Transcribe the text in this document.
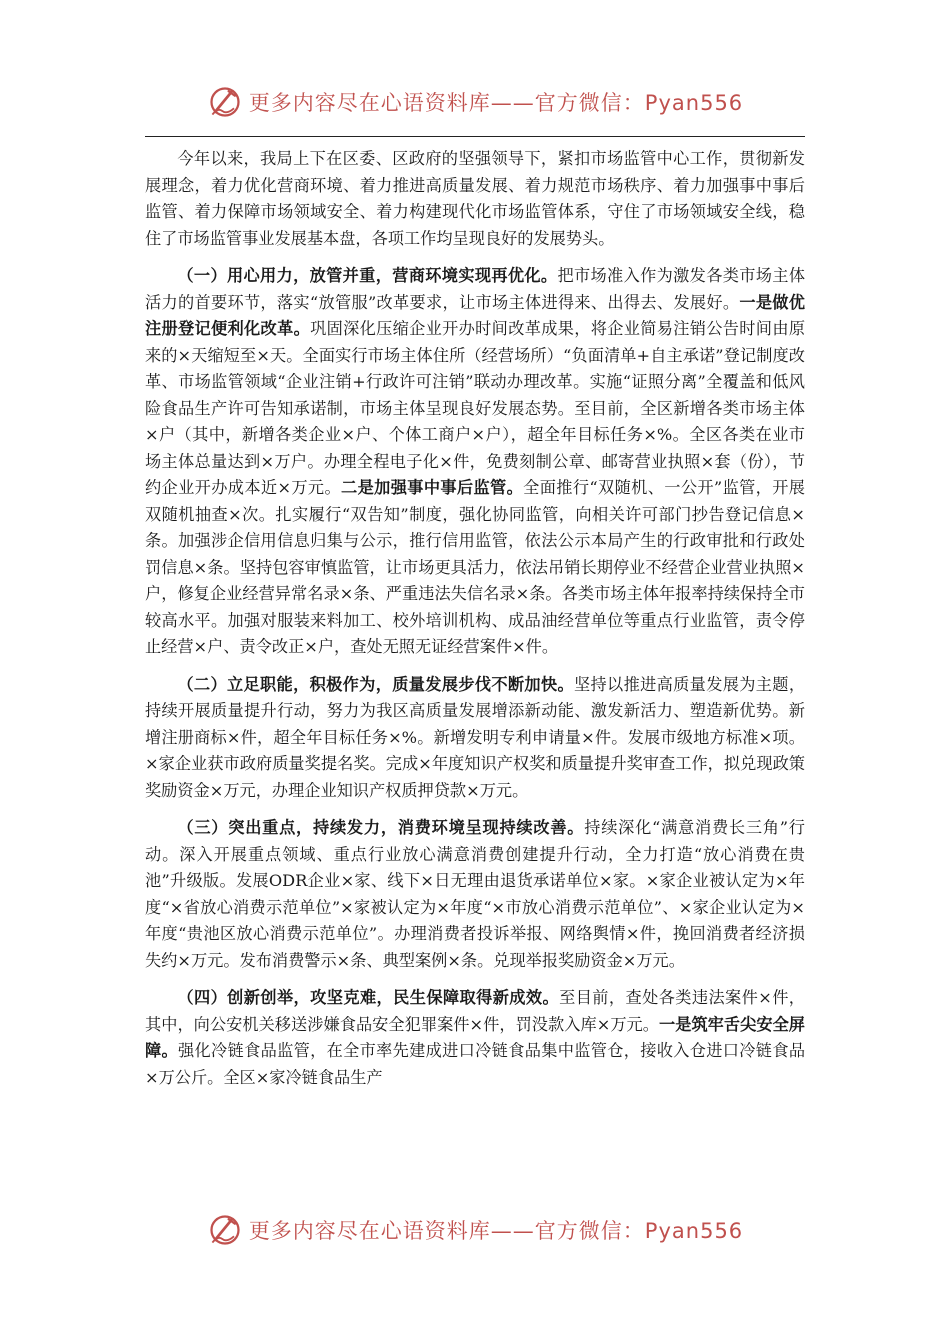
更多内容尽在心语资料库——官方微信：Pyan556

今年以来，我局上下在区委、区政府的坚强领导下，紧扣市场监管中心工作，贯彻新发展理念，着力优化营商环境、着力推进高质量发展、着力规范市场秩序、着力加强事中事后监管、着力保障市场领域安全、着力构建现代化市场监管体系，守住了市场领域安全线，稳住了市场监管事业发展基本盘，各项工作均呈现良好的发展势头。

（一）用心用力，放管并重，营商环境实现再优化。把市场准入作为激发各类市场主体活力的首要环节，落实“放管服”改革要求，让市场主体进得来、出得去、发展好。一是做优注册登记便利化改革。巩固深化压缩企业开办时间改革成果，将企业简易注销公告时间由原来的×天缩短至×天。全面实行市场主体住所（经营场所）“负面清单+自主承诺”登记制度改革、市场监管领域“企业注销+行政许可注销”联动办理改革。实施“证照分离”全覆盖和低风险食品生产许可告知承诺制，市场主体呈现良好发展态势。至目前，全区新增各类市场主体×户（其中，新增各类企业×户、个体工商户×户），超全年目标任务×%。全区各类在业市场主体总量达到×万户。办理全程电子化×件，免费刻制公章、邮寄营业执照×套（份），节约企业开办成本近×万元。二是加强事中事后监管。全面推行“双随机、一公开”监管，开展双随机抽查×次。扎实履行“双告知”制度，强化协同监管，向相关许可部门抄告登记信息×条。加强涉企信用信息归集与公示，推行信用监管，依法公示本局产生的行政审批和行政处罚信息×条。坚持包容审慎监管，让市场更具活力，依法吊销长期停业不经营企业营业执照×户，修复企业经营异常名录×条、严重违法失信名录×条。各类市场主体年报率持续保持全市较高水平。加强对服装来料加工、校外培训机构、成品油经营单位等重点行业监管，责令停止经营×户、责令改正×户，查处无照无证经营案件×件。

（二）立足职能，积极作为，质量发展步伐不断加快。坚持以推进高质量发展为主题，持续开展质量提升行动，努力为我区高质量发展增添新动能、激发新活力、塑造新优势。新增注册商标×件，超全年目标任务×%。新增发明专利申请量×件。发展市级地方标准×项。×家企业获市政府质量奖提名奖。完成×年度知识产权奖和质量提升奖审查工作，拟兑现政策奖励资金×万元，办理企业知识产权质押贷款×万元。

（三）突出重点，持续发力，消费环境呈现持续改善。持续深化“满意消费长三角”行动。深入开展重点领域、重点行业放心满意消费创建提升行动，全力打造“放心消费在贵池”升级版。发展ODR企业×家、线下×日无理由退货承诺单位×家。×家企业被认定为×年度“×省放心消费示范单位”×家被认定为×年度“×市放心消费示范单位”、×家企业认定为×年度“贵池区放心消费示范单位”。办理消费者投诉举报、网络舆情×件，挽回消费者经济损失约×万元。发布消费警示×条、典型案例×条。兑现举报奖励资金×万元。

（四）创新创举，攻坚克难，民生保障取得新成效。至目前，查处各类违法案件×件，其中，向公安机关移送涉嫌食品安全犯罪案件×件，罚没款入库×万元。一是筑牢舌尖安全屏障。强化冷链食品监管，在全市率先建成进口冷链食品集中监管仓，接收入仓进口冷链食品×万公斤。全区×家冷链食品生产

更多内容尽在心语资料库——官方微信：Pyan556
